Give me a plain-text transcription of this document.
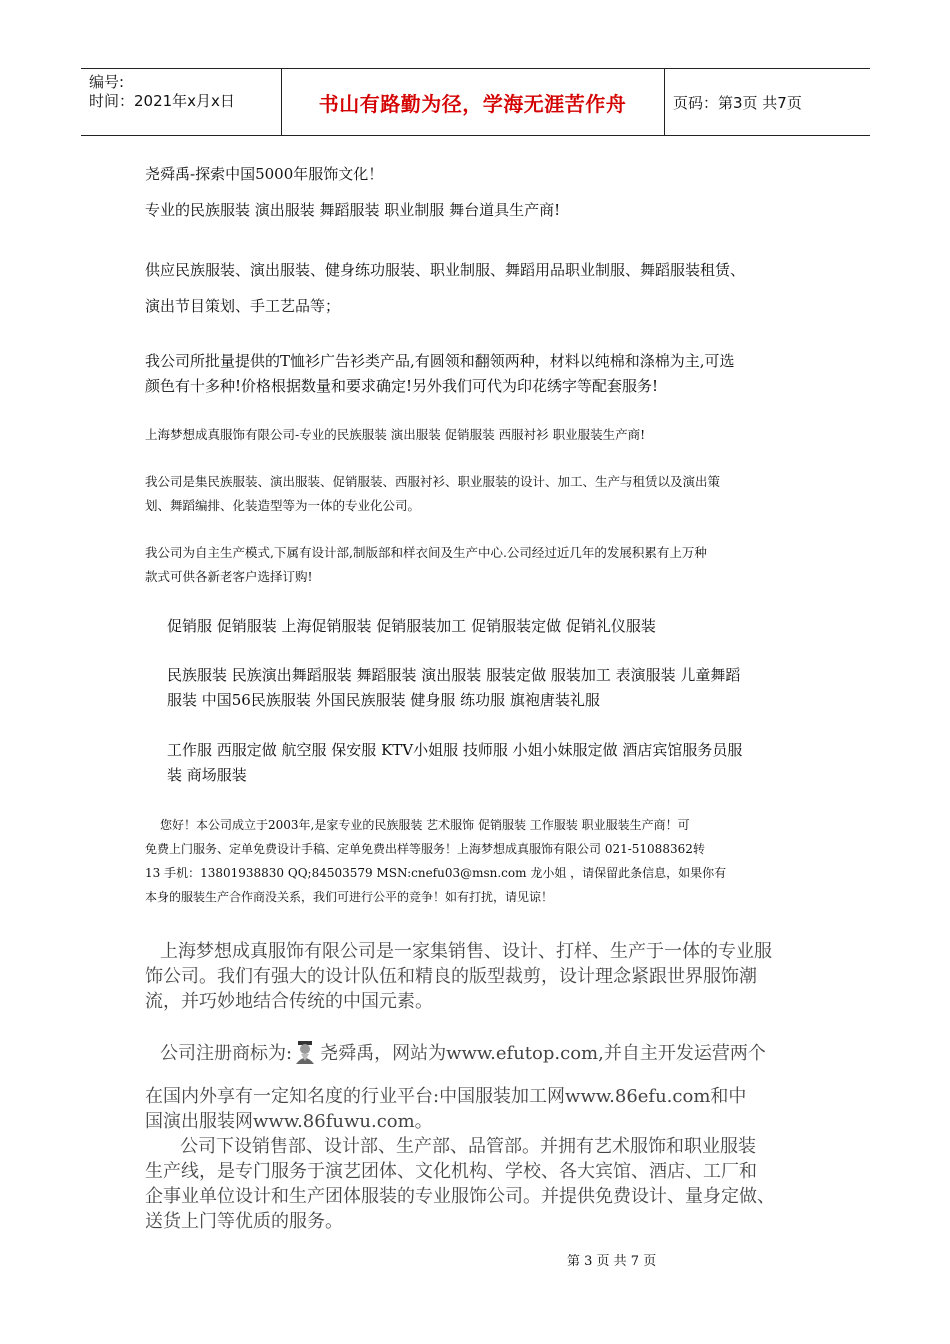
编号:
时间：2021年x月x日	书山有路勤为径，学海无涯苦作舟	页码：第3页 共7页
尧舜禹-探索中国5000年服饰文化！
专业的民族服装 演出服装 舞蹈服装 职业制服 舞台道具生产商!
供应民族服装、演出服装、健身练功服装、职业制服、舞蹈用品职业制服、舞蹈服装租赁、
演出节目策划、手工艺品等；
我公司所批量提供的T恤衫广告衫类产品,有圆领和翻领两种，材料以纯棉和涤棉为主,可选
颜色有十多种!价格根据数量和要求确定!另外我们可代为印花绣字等配套服务!
上海梦想成真服饰有限公司-专业的民族服装 演出服装 促销服装 西服衬衫 职业服装生产商!
我公司是集民族服装、演出服装、促销服装、西服衬衫、职业服装的设计、加工、生产与租赁以及演出策
划、舞蹈编排、化装造型等为一体的专业化公司。
我公司为自主生产模式,下属有设计部,制版部和样衣间及生产中心.公司经过近几年的发展积累有上万种
款式可供各新老客户选择订购!
促销服 促销服装 上海促销服装 促销服装加工 促销服装定做 促销礼仪服装
民族服装 民族演出舞蹈服装 舞蹈服装 演出服装 服装定做 服装加工 表演服装 儿童舞蹈
服装 中国56民族服装 外国民族服装 健身服 练功服 旗袍唐装礼服
工作服 西服定做 航空服 保安服 KTV小姐服 技师服 小姐小妹服定做 酒店宾馆服务员服
装 商场服装
您好！本公司成立于2003年,是家专业的民族服装 艺术服饰 促销服装 工作服装 职业服装生产商！可
免费上门服务、定单免费设计手稿、定单免费出样等服务！上海梦想成真服饰有限公司 021-51088362转
13 手机：13801938830 QQ;84503579 MSN:cnefu03@msn.com 龙小姐 ，请保留此条信息，如果你有
本身的服装生产合作商没关系，我们可进行公平的竞争！如有打扰，请见谅！
上海梦想成真服饰有限公司是一家集销售、设计、打样、生产于一体的专业服
饰公司。我们有强大的设计队伍和精良的版型裁剪，设计理念紧跟世界服饰潮
流，并巧妙地结合传统的中国元素。
公司注册商标为: 尧舜禹，网站为www.efutop.com,并自主开发运营两个
在国内外享有一定知名度的行业平台:中国服装加工网www.86efu.com和中
国演出服装网www.86fuwu.com。
公司下设销售部、设计部、生产部、品管部。并拥有艺术服饰和职业服装
生产线，是专门服务于演艺团体、文化机构、学校、各大宾馆、酒店、工厂和
企事业单位设计和生产团体服装的专业服饰公司。并提供免费设计、量身定做、
送货上门等优质的服务。
第 3 页 共 7 页
